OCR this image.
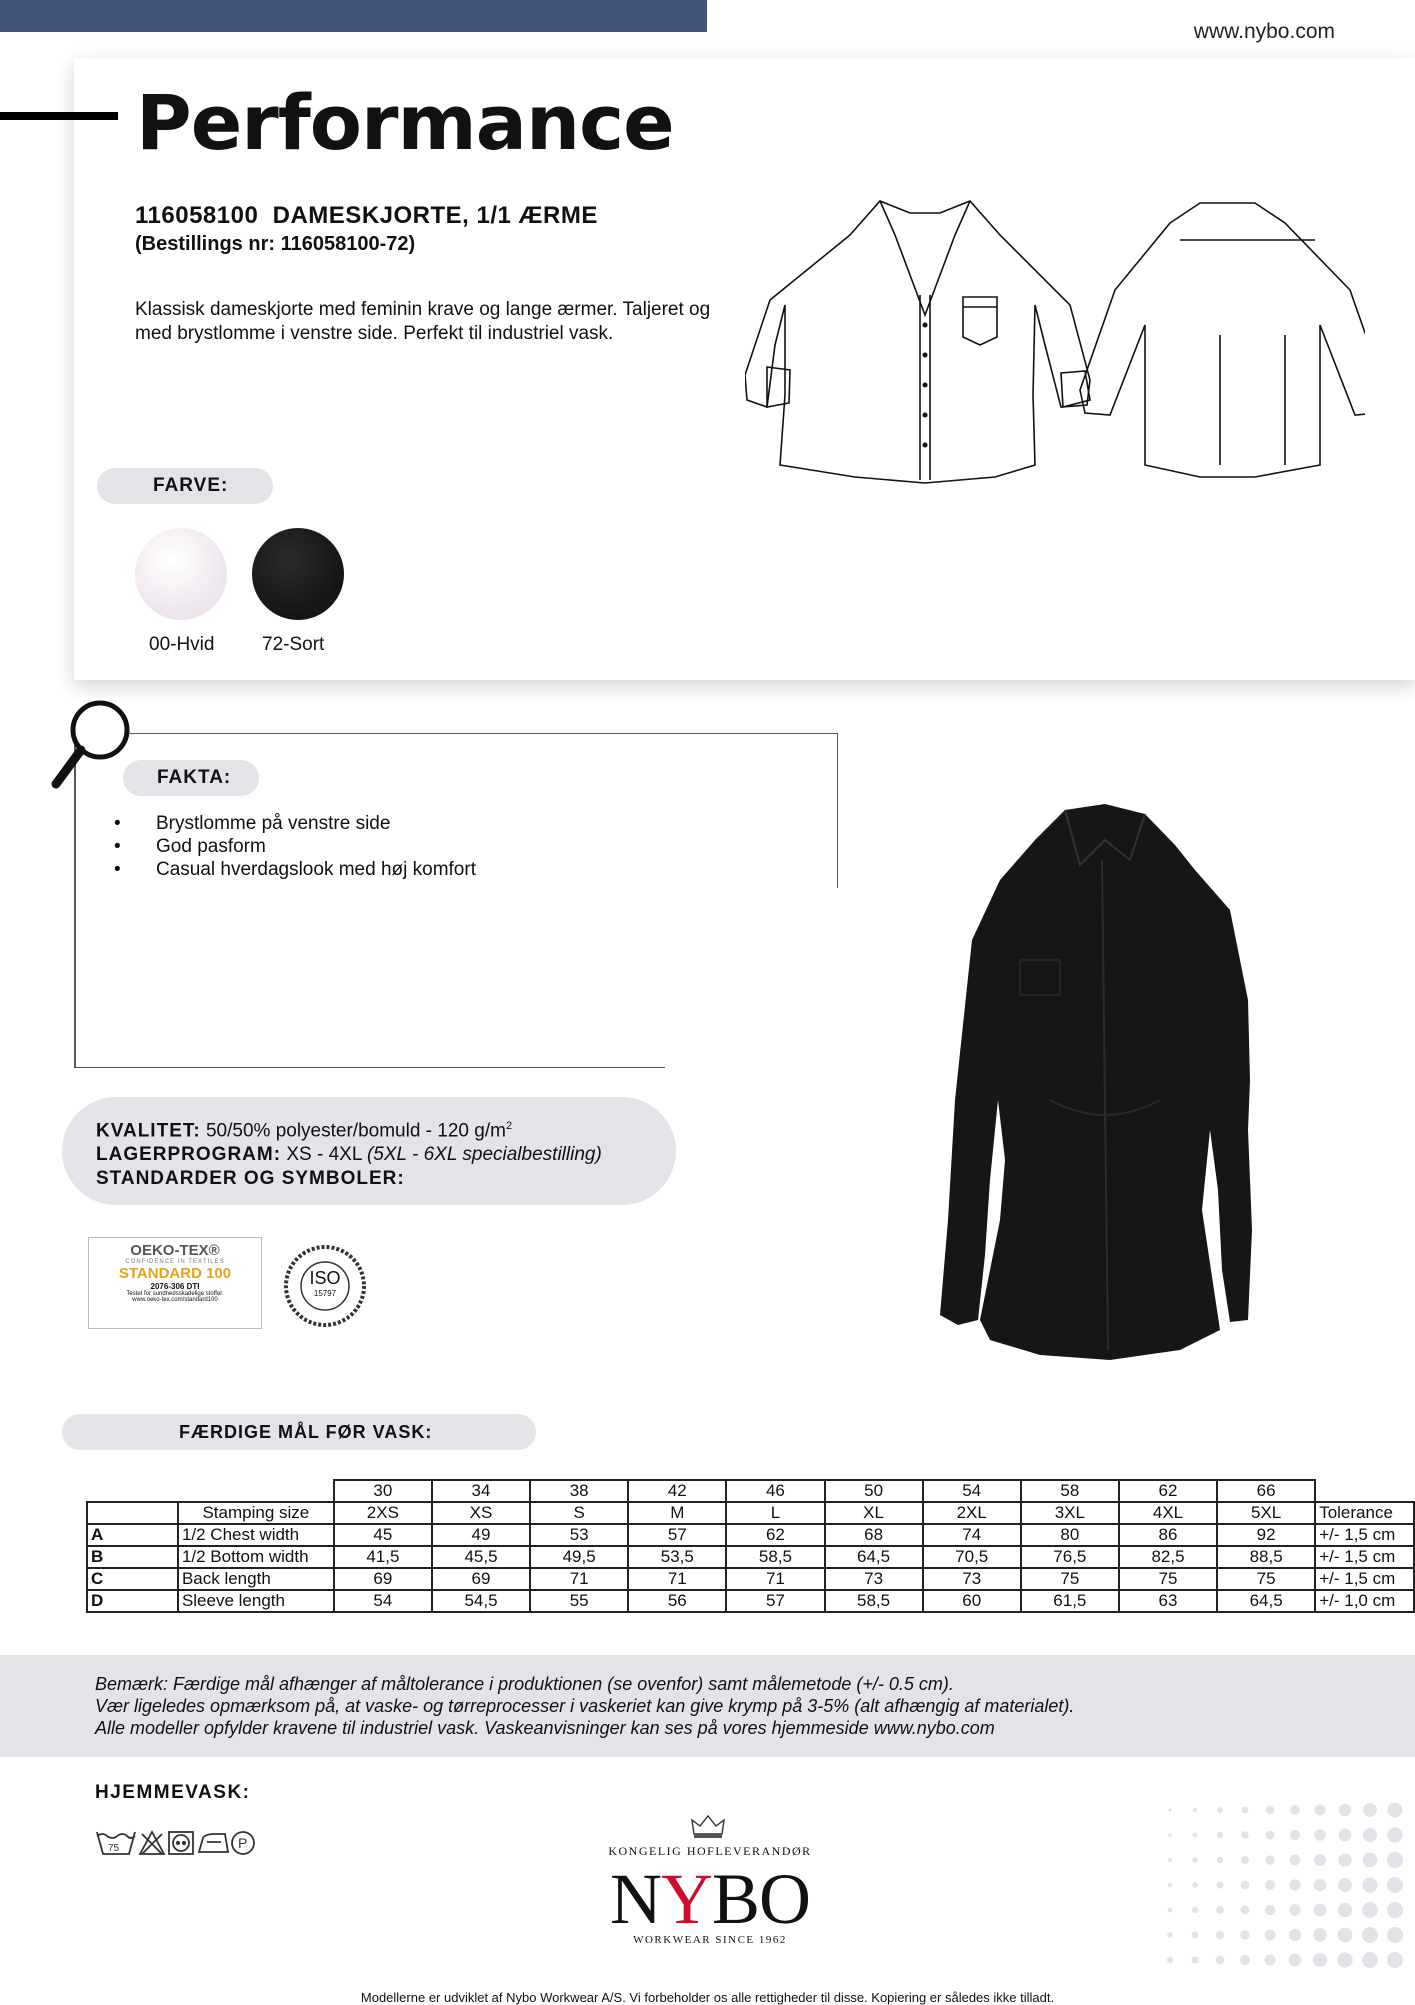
www.nybo.com
Performance
116058100  DAMESKJORTE, 1/1 ÆRME
(Bestillings nr: 116058100-72)
Klassisk dameskjorte med feminin krave og lange ærmer. Taljeret og
med brystlomme i venstre side. Perfekt til industriel vask.
FARVE:
00-Hvid	72-Sort
FAKTA:
• Brystlomme på venstre side
• God pasform
• Casual hverdagslook med høj komfort
KVALITET: 50/50% polyester/bomuld - 120 $g/m^2$
LAGERPROGRAM: XS - 4XL (5XL - 6XL specialbestilling)
STANDARDER OG SYMBOLER:
OEKO-TEX®
CONFIDENCE IN TEXTILES
STANDARD 100
2076-306 DTI
Testet for sundhedsskadelige stoffer.
www.oeko-tex.com/standard100
ISO
15797
FÆRDIGE MÅL FØR VASK:
		30	34	38	42	46	50	54	58	62	66	
	Stamping size	2XS	XS	S	M	L	XL	2XL	3XL	4XL	5XL	Tolerance
A	1/2 Chest width	45	49	53	57	62	68	74	80	86	92	+/- 1,5 cm
B	1/2 Bottom width	41,5	45,5	49,5	53,5	58,5	64,5	70,5	76,5	82,5	88,5	+/- 1,5 cm
C	Back length	69	69	71	71	71	73	73	75	75	75	+/- 1,5 cm
D	Sleeve length	54	54,5	55	56	57	58,5	60	61,5	63	64,5	+/- 1,0 cm
Bemærk: Færdige mål afhænger af måltolerance i produktionen (se ovenfor) samt målemetode (+/- 0.5 cm).
Vær ligeledes opmærksom på, at vaske- og tørreprocesser i vaskeriet kan give krymp på 3-5% (alt afhængig af materialet).
Alle modeller opfylder kravene til industriel vask. Vaskeanvisninger kan ses på vores hjemmeside www.nybo.com
HJEMMEVASK:
75	P	KONGELIG HOFLEVERANDØR
NYBO
WORKWEAR SINCE 1962
Modellerne er udviklet af Nybo Workwear A/S. Vi forbeholder os alle rettigheder til disse. Kopiering er således ikke tilladt.
